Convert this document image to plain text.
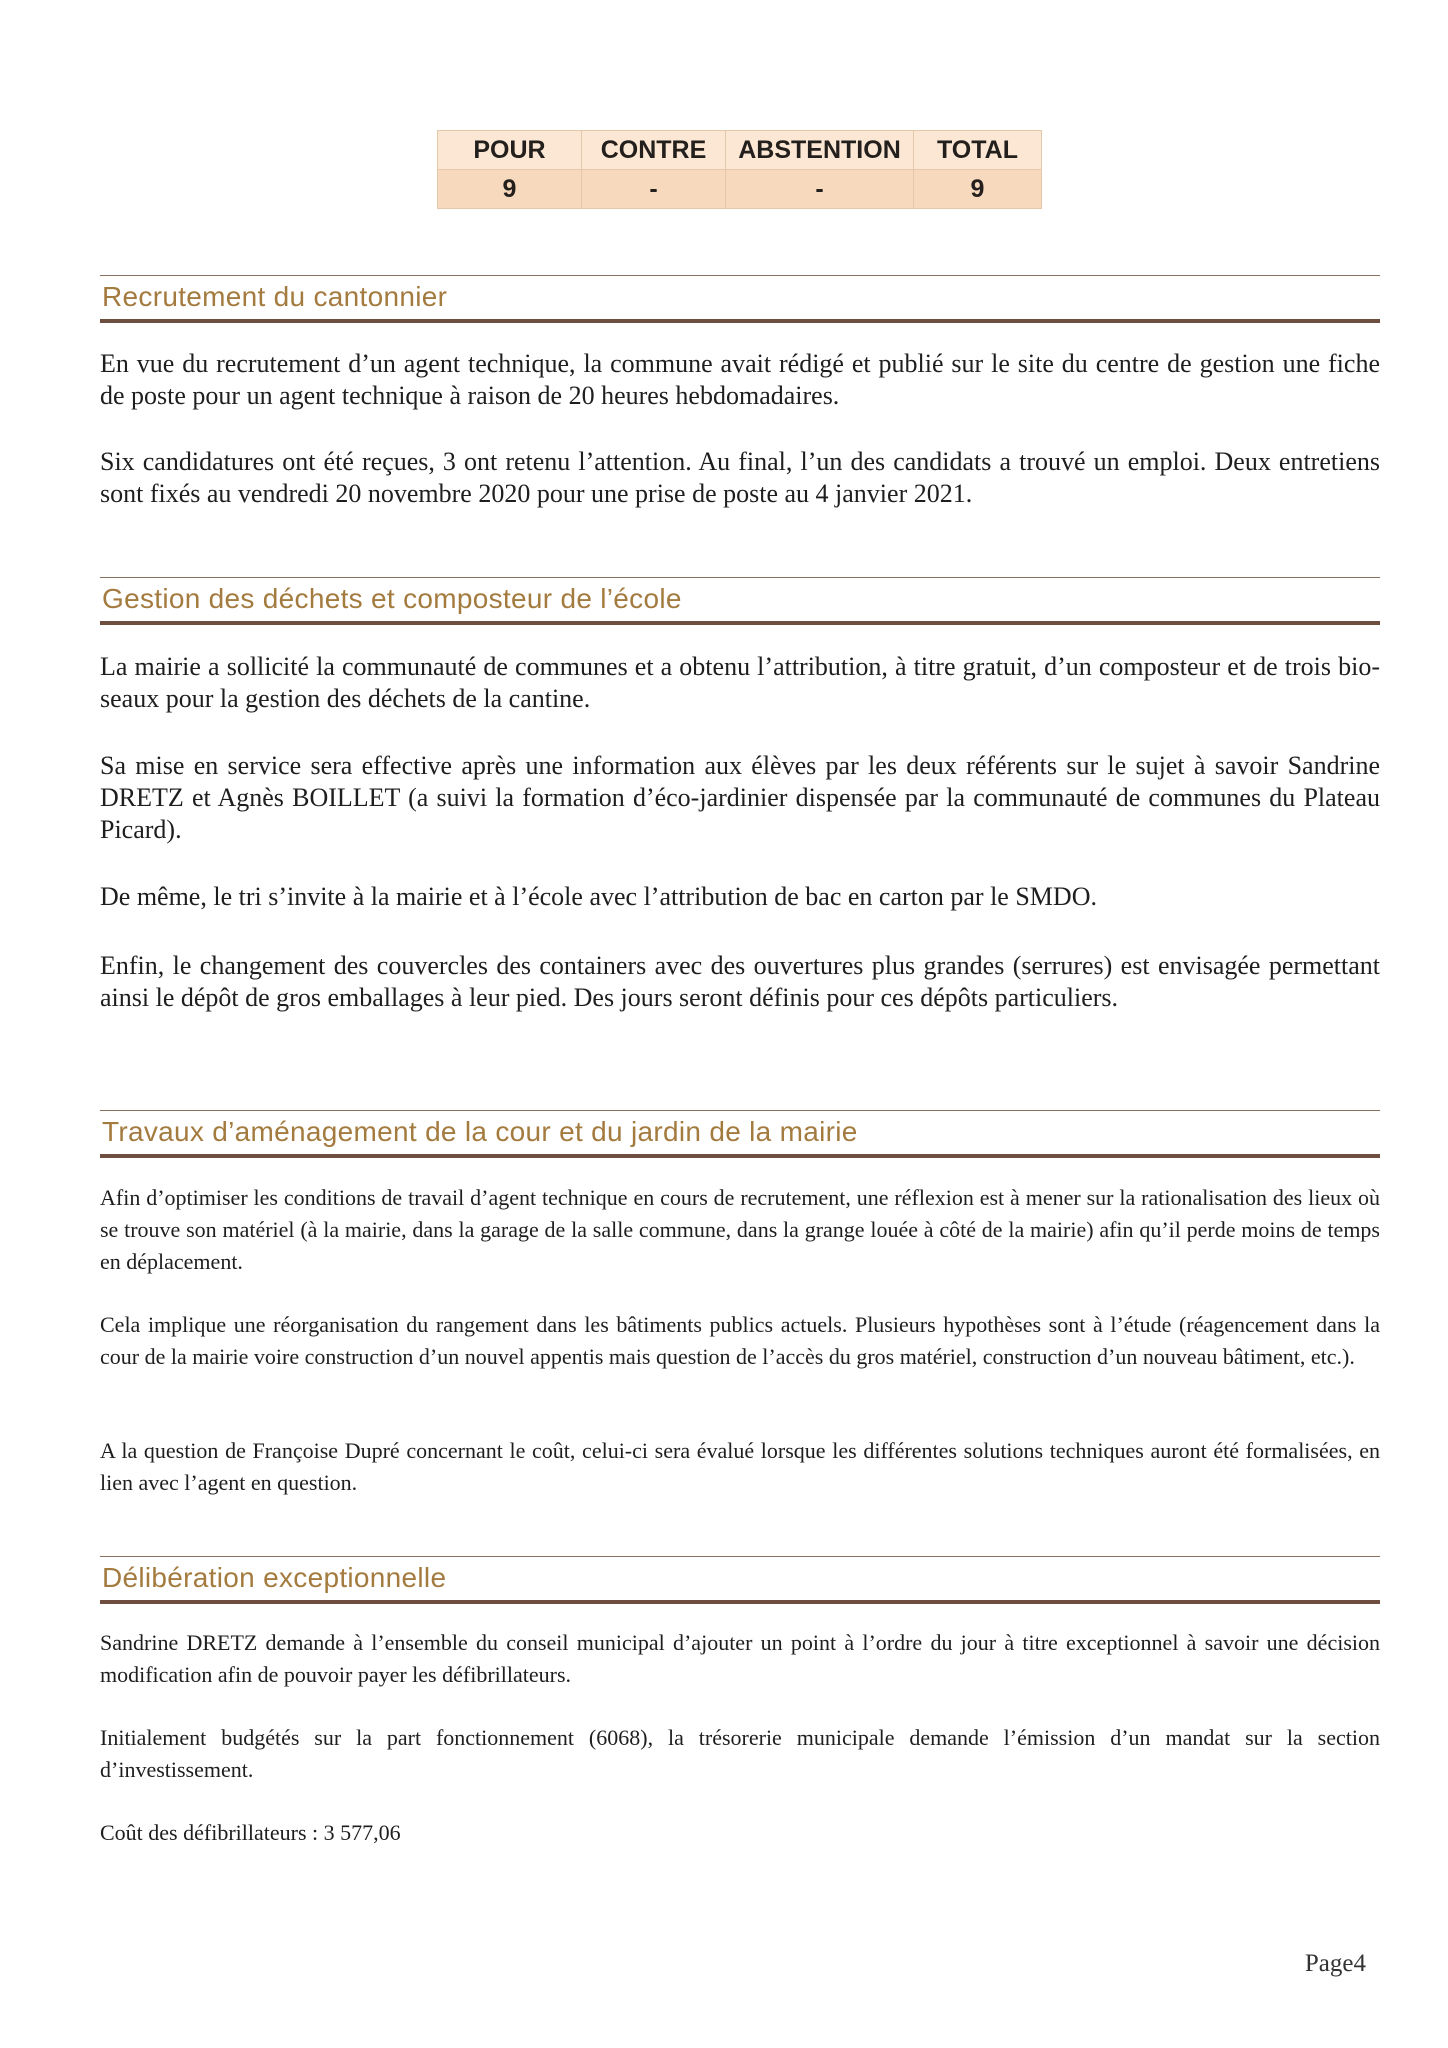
POUR	CONTRE	ABSTENTION	TOTAL
9	-	-	9
Recrutement du cantonnier

En vue du recrutement d’un agent technique, la commune avait rédigé et publié sur le site du centre de gestion une fiche de poste pour un agent technique à raison de 20 heures hebdomadaires.

Six candidatures ont été reçues, 3 ont retenu l’attention. Au final, l’un des candidats a trouvé un emploi. Deux entretiens sont fixés au vendredi 20 novembre 2020 pour une prise de poste au 4 janvier 2021.

Gestion des déchets et composteur de l’école

La mairie a sollicité la communauté de communes et a obtenu l’attribution, à titre gratuit, d’un composteur et de trois bio-seaux pour la gestion des déchets de la cantine.

Sa mise en service sera effective après une information aux élèves par les deux référents sur le sujet à savoir Sandrine DRETZ et Agnès BOILLET (a suivi la formation d’éco-jardinier dispensée par la communauté de communes du Plateau Picard).

De même, le tri s’invite à la mairie et à l’école avec l’attribution de bac en carton par le SMDO.

Enfin, le changement des couvercles des containers avec des ouvertures plus grandes (serrures) est envisagée permettant ainsi le dépôt de gros emballages à leur pied. Des jours seront définis pour ces dépôts particuliers.

Travaux d’aménagement de la cour et du jardin de la mairie

Afin d’optimiser les conditions de travail d’agent technique en cours de recrutement, une réflexion est à mener sur la rationalisation des lieux où se trouve son matériel (à la mairie, dans la garage de la salle commune, dans la grange louée à côté de la mairie) afin qu’il perde moins de temps en déplacement.

Cela implique une réorganisation du rangement dans les bâtiments publics actuels. Plusieurs hypothèses sont à l’étude (réagencement dans la cour de la mairie voire construction d’un nouvel appentis mais question de l’accès du gros matériel, construction d’un nouveau bâtiment, etc.).

A la question de Françoise Dupré concernant le coût, celui-ci sera évalué lorsque les différentes solutions techniques auront été formalisées, en lien avec l’agent en question.

Délibération exceptionnelle

Sandrine DRETZ demande à l’ensemble du conseil municipal d’ajouter un point à l’ordre du jour à titre exceptionnel à savoir une décision modification afin de pouvoir payer les défibrillateurs.

Initialement budgétés sur la part fonctionnement (6068), la trésorerie municipale demande l’émission d’un mandat sur la section d’investissement.

Coût des défibrillateurs : 3 577,06

Page4
